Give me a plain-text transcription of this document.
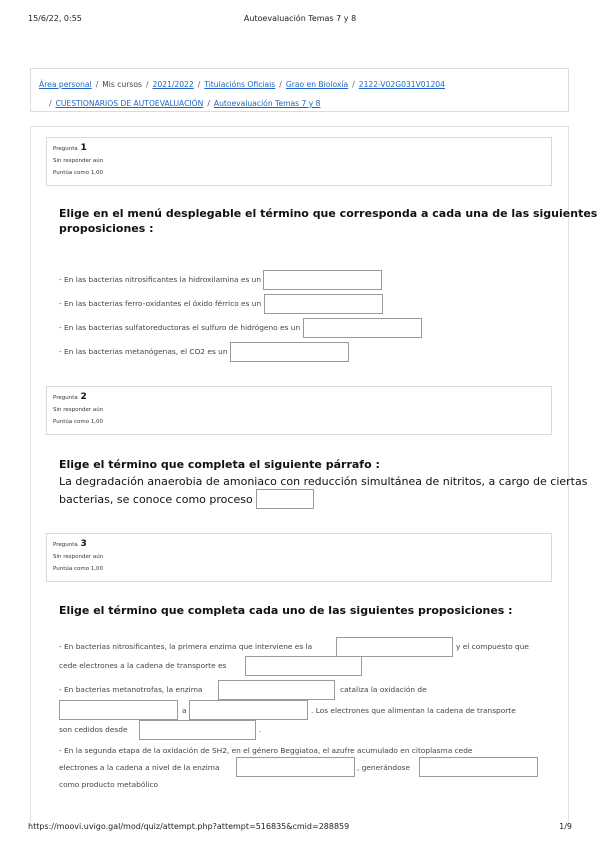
15/6/22, 0:55	Autoevaluación Temas 7 y 8
Área personal / Mis cursos / 2021/2022 / Titulacións Oficiais / Grao en Bioloxía / 2122-V02G031V01204
/ CUESTIONARIOS DE AUTOEVALUACIÓN / Autoevaluación Temas 7 y 8
Pregunta 1
Sin responder aún
Puntúa como 1,00
Elige en el menú desplegable el término que corresponda a cada una de las siguientes
proposiciones :
- En las bacterias nitrosificantes la hidroxilamina es un
- En las bacterias ferro-oxidantes el óxido férrico es un
- En las bacterias sulfatoreductoras el sulfuro de hidrógeno es un
- En las bacterias metanógenas, el CO2 es un
Pregunta 2
Sin responder aún
Puntúa como 1,00
Elige el término que completa el siguiente párrafo :
La degradación anaerobia de amoniaco con reducción simultánea de nitritos, a cargo de ciertas
bacterias, se conoce como proceso
Pregunta 3
Sin responder aún
Puntúa como 1,00
Elige el término que completa cada uno de las siguientes proposiciones :
- En bacterias nitrosificantes, la primera enzima que interviene es la	y el compuesto que
cede electrones a la cadena de transporte es
- En bacterias metanotrofas, la enzima	cataliza la oxidación de
a	. Los electrones que alimentan la cadena de transporte
son cedidos desde	.
- En la segunda etapa de la oxidación de SH2, en el género Beggiatoa, el azufre acumulado en citoplasma cede
electrones a la cadena a nivel de la enzima	, generándose
como producto metabólico
https://moovi.uvigo.gal/mod/quiz/attempt.php?attempt=516835&cmid=288859	1/9
